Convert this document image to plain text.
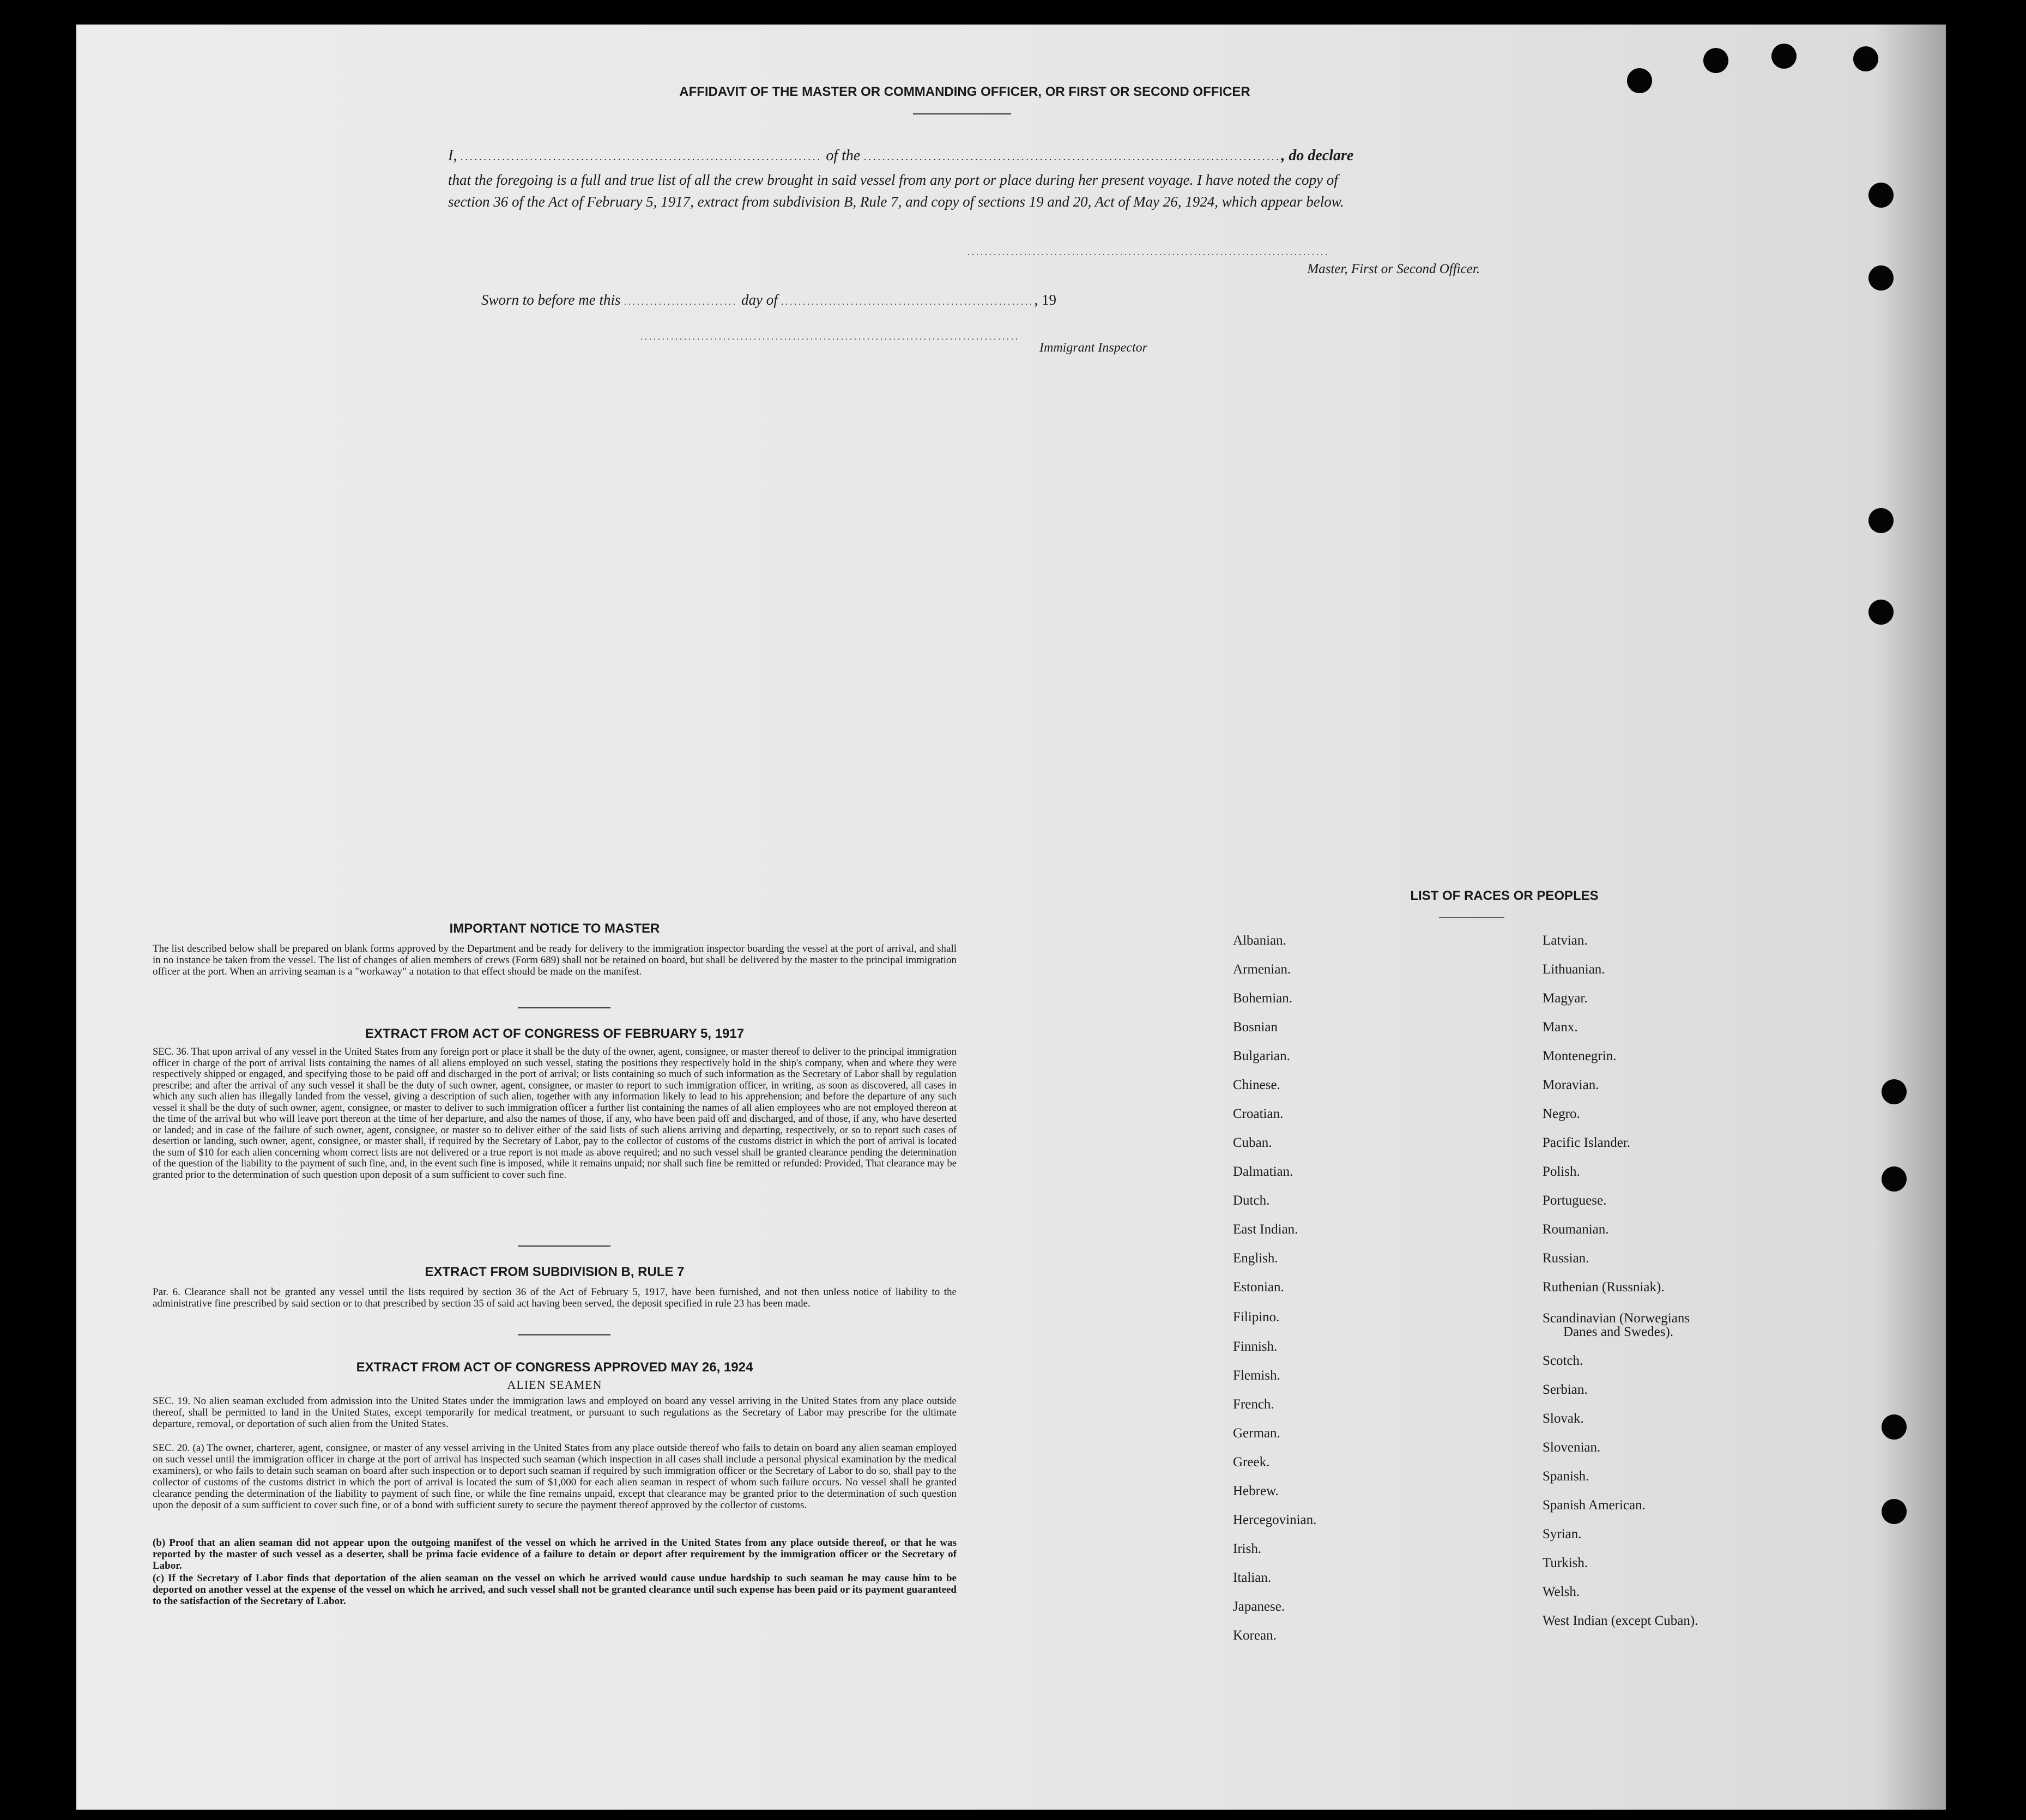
AFFIDAVIT OF THE MASTER OR COMMANDING OFFICER, OR FIRST OR SECOND OFFICER
I, .............................................................................. of the .........................................................................................., do declare
that the foregoing is a full and true list of all the crew brought in said vessel from any port or place during her present voyage. I have noted the copy of
section 36 of the Act of February 5, 1917, extract from subdivision B, Rule 7, and copy of sections 19 and 20, Act of May 26, 1924, which appear below.
...................................................................................
Master, First or Second Officer.
Sworn to before me this .......................... day of .........................................................., 19
.......................................................................................
Immigrant Inspector
IMPORTANT NOTICE TO MASTER
The list described below shall be prepared on blank forms approved by the Department and be ready for delivery to the immigration inspector boarding the vessel at the port of arrival, and shall in no instance be taken from the vessel. The list of changes of alien members of crews (Form 689) shall not be retained on board, but shall be delivered by the master to the principal immigration officer at the port. When an arriving seaman is a "workaway" a notation to that effect should be made on the manifest.
EXTRACT FROM ACT OF CONGRESS OF FEBRUARY 5, 1917
SEC. 36. That upon arrival of any vessel in the United States from any foreign port or place it shall be the duty of the owner, agent, consignee, or master thereof to deliver to the principal immigration officer in charge of the port of arrival lists containing the names of all aliens employed on such vessel, stating the positions they respectively hold in the ship's company, when and where they were respectively shipped or engaged, and specifying those to be paid off and discharged in the port of arrival; or lists containing so much of such information as the Secretary of Labor shall by regulation prescribe; and after the arrival of any such vessel it shall be the duty of such owner, agent, consignee, or master to report to such immigration officer, in writing, as soon as discovered, all cases in which any such alien has illegally landed from the vessel, giving a description of such alien, together with any information likely to lead to his apprehension; and before the departure of any such vessel it shall be the duty of such owner, agent, consignee, or master to deliver to such immigration officer a further list containing the names of all alien employees who are not employed thereon at the time of the arrival but who will leave port thereon at the time of her departure, and also the names of those, if any, who have been paid off and discharged, and of those, if any, who have deserted or landed; and in case of the failure of such owner, agent, consignee, or master so to deliver either of the said lists of such aliens arriving and departing, respectively, or so to report such cases of desertion or landing, such owner, agent, consignee, or master shall, if required by the Secretary of Labor, pay to the collector of customs of the customs district in which the port of arrival is located the sum of $10 for each alien concerning whom correct lists are not delivered or a true report is not made as above required; and no such vessel shall be granted clearance pending the determination of the question of the liability to the payment of such fine, and, in the event such fine is imposed, while it remains unpaid; nor shall such fine be remitted or refunded: Provided, That clearance may be granted prior to the determination of such question upon deposit of a sum sufficient to cover such fine.
EXTRACT FROM SUBDIVISION B, RULE 7
Par. 6. Clearance shall not be granted any vessel until the lists required by section 36 of the Act of February 5, 1917, have been furnished, and not then unless notice of liability to the administrative fine prescribed by said section or to that prescribed by section 35 of said act having been served, the deposit specified in rule 23 has been made.
EXTRACT FROM ACT OF CONGRESS APPROVED MAY 26, 1924
ALIEN SEAMEN
SEC. 19. No alien seaman excluded from admission into the United States under the immigration laws and employed on board any vessel arriving in the United States from any place outside thereof, shall be permitted to land in the United States, except temporarily for medical treatment, or pursuant to such regulations as the Secretary of Labor may prescribe for the ultimate departure, removal, or deportation of such alien from the United States.
SEC. 20. (a) The owner, charterer, agent, consignee, or master of any vessel arriving in the United States from any place outside thereof who fails to detain on board any alien seaman employed on such vessel until the immigration officer in charge at the port of arrival has inspected such seaman (which inspection in all cases shall include a personal physical examination by the medical examiners), or who fails to detain such seaman on board after such inspection or to deport such seaman if required by such immigration officer or the Secretary of Labor to do so, shall pay to the collector of customs of the customs district in which the port of arrival is located the sum of $1,000 for each alien seaman in respect of whom such failure occurs. No vessel shall be granted clearance pending the determination of the liability to payment of such fine, or while the fine remains unpaid, except that clearance may be granted prior to the determination of such question upon the deposit of a sum sufficient to cover such fine, or of a bond with sufficient surety to secure the payment thereof approved by the collector of customs.
(b) Proof that an alien seaman did not appear upon the outgoing manifest of the vessel on which he arrived in the United States from any place outside thereof, or that he was reported by the master of such vessel as a deserter, shall be prima facie evidence of a failure to detain or deport after requirement by the immigration officer or the Secretary of Labor.
(c) If the Secretary of Labor finds that deportation of the alien seaman on the vessel on which he arrived would cause undue hardship to such seaman he may cause him to be deported on another vessel at the expense of the vessel on which he arrived, and such vessel shall not be granted clearance until such expense has been paid or its payment guaranteed to the satisfaction of the Secretary of Labor.
LIST OF RACES OR PEOPLES
Albanian.
Armenian.
Bohemian.
Bosnian
Bulgarian.
Chinese.
Croatian.
Cuban.
Dalmatian.
Dutch.
East Indian.
English.
Estonian.
Filipino.
Finnish.
Flemish.
French.
German.
Greek.
Hebrew.
Hercegovinian.
Irish.
Italian.
Japanese.
Korean.
Latvian.
Lithuanian.
Magyar.
Manx.
Montenegrin.
Moravian.
Negro.
Pacific Islander.
Polish.
Portuguese.
Roumanian.
Russian.
Ruthenian (Russniak).
Scandinavian (Norwegians
Danes and Swedes).
Scotch.
Serbian.
Slovak.
Slovenian.
Spanish.
Spanish American.
Syrian.
Turkish.
Welsh.
West Indian (except Cuban).
